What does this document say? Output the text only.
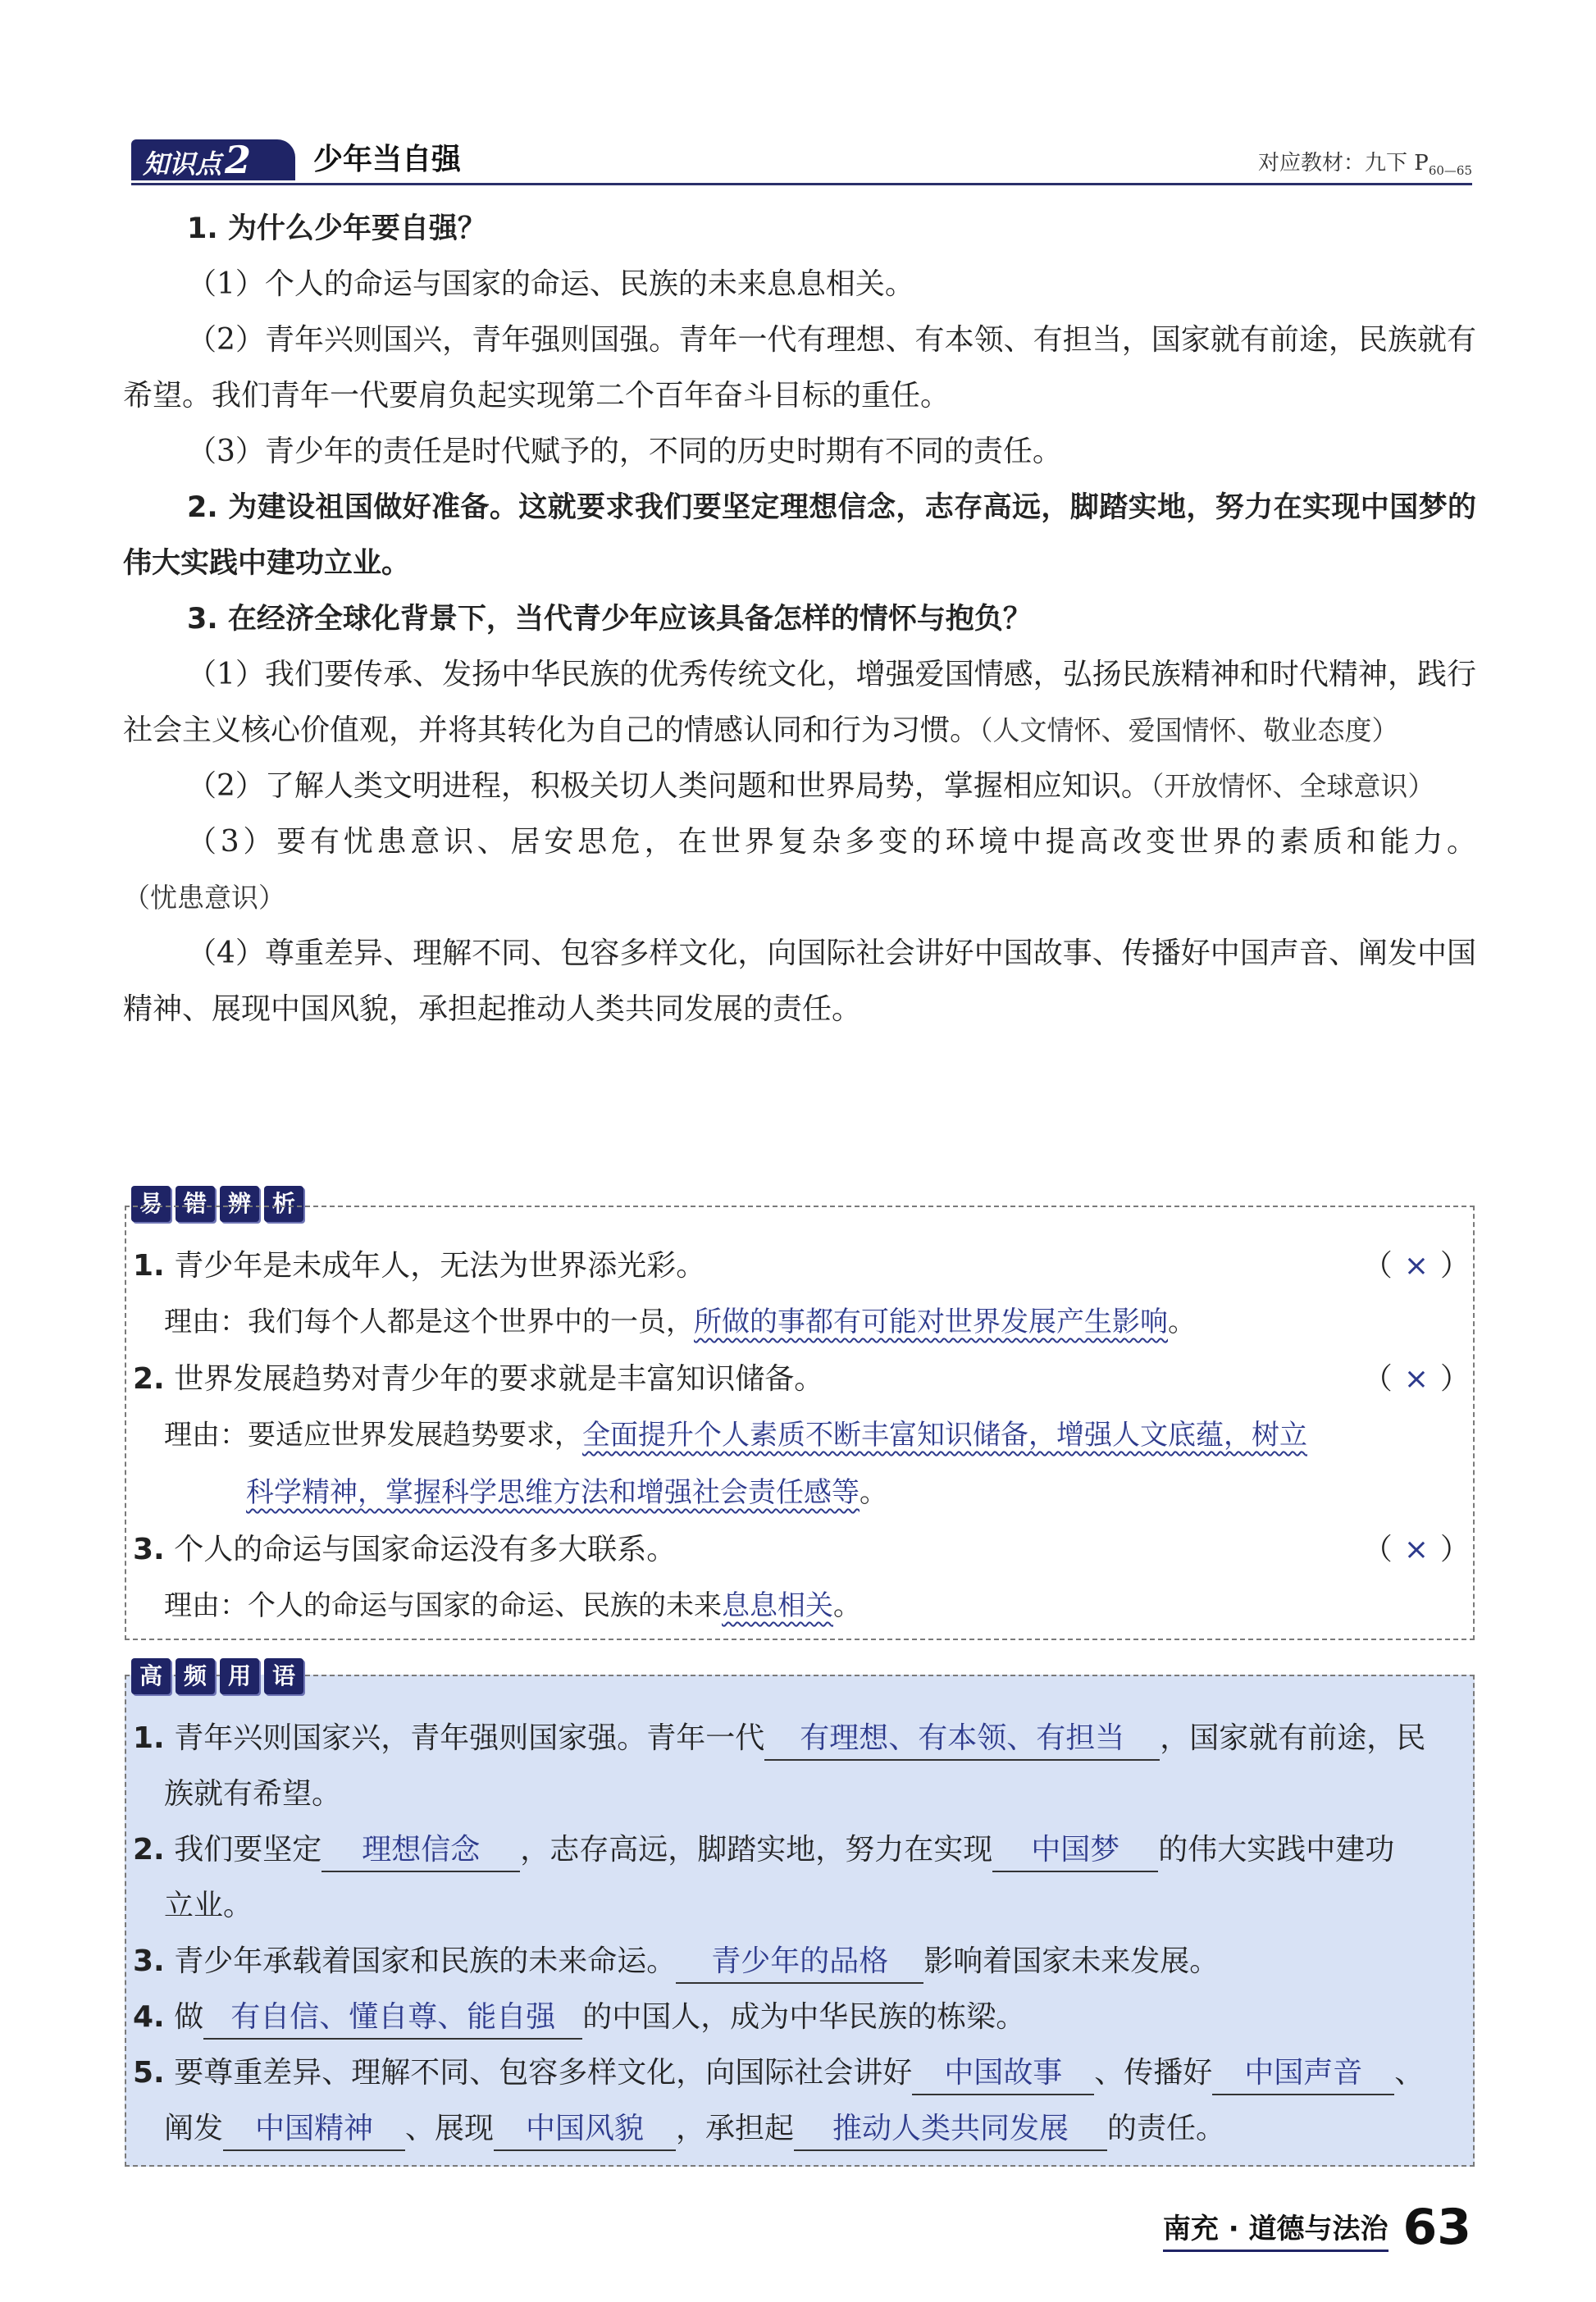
知识点2	少年当自强	对应教材：九下 $P_{60—65}$

1. 为什么少年要自强？

（1）个人的命运与国家的命运、民族的未来息息相关。

（2）青年兴则国兴，青年强则国强。青年一代有理想、有本领、有担当，国家就有前途，民族就有希望。我们青年一代要肩负起实现第二个百年奋斗目标的重任。

（3）青少年的责任是时代赋予的，不同的历史时期有不同的责任。

2. 为建设祖国做好准备。这就要求我们要坚定理想信念，志存高远，脚踏实地，努力在实现中国梦的伟大实践中建功立业。

3. 在经济全球化背景下，当代青少年应该具备怎样的情怀与抱负？

（1）我们要传承、发扬中华民族的优秀传统文化，增强爱国情感，弘扬民族精神和时代精神，践行社会主义核心价值观，并将其转化为自己的情感认同和行为习惯。（人文情怀、爱国情怀、敬业态度）

（2）了解人类文明进程，积极关切人类问题和世界局势，掌握相应知识。（开放情怀、全球意识）

（3）要有忧患意识、居安思危，在世界复杂多变的环境中提高改变世界的素质和能力。（忧患意识）

（4）尊重差异、理解不同、包容多样文化，向国际社会讲好中国故事、传播好中国声音、阐发中国精神、展现中国风貌，承担起推动人类共同发展的责任。

易 错 辨 析
1. 青少年是未成年人，无法为世界添光彩。	（ × ）
理由：我们每个人都是这个世界中的一员，所做的事都有可能对世界发展产生影响。
2. 世界发展趋势对青少年的要求就是丰富知识储备。	（ × ）
理由：要适应世界发展趋势要求，全面提升个人素质不断丰富知识储备，增强人文底蕴，树立
科学精神，掌握科学思维方法和增强社会责任感等。
3. 个人的命运与国家命运没有多大联系。	（ × ）
理由：个人的命运与国家的命运、民族的未来息息相关。
高 频 用 语
1. 青年兴则国家兴，青年强则国家强。青年一代 有理想、有本领、有担当 ，国家就有前途，民
族就有希望。
2. 我们要坚定 理想信念 ，志存高远，脚踏实地，努力在实现 中国梦 的伟大实践中建功
立业。
3. 青少年承载着国家和民族的未来命运。 青少年的品格 影响着国家未来发展。
4. 做 有自信、懂自尊、能自强 的中国人，成为中华民族的栋梁。
5. 要尊重差异、理解不同、包容多样文化，向国际社会讲好 中国故事 、传播好 中国声音 、
阐发 中国精神 、展现 中国风貌 ，承担起 推动人类共同发展 的责任。
南充 · 道德与法治 63
